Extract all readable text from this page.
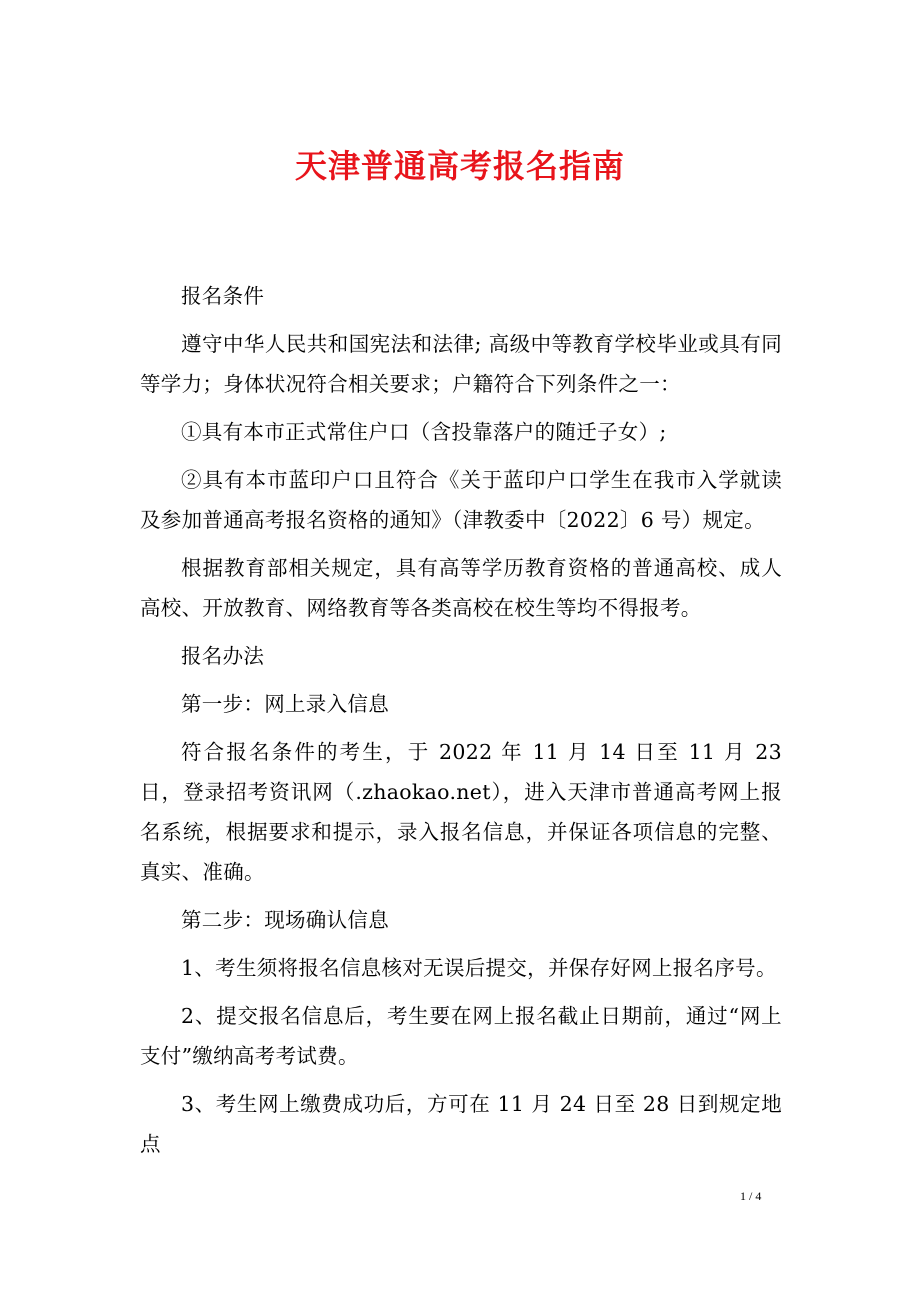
天津普通高考报名指南

报名条件

遵守中华人民共和国宪法和法律; 高级中等教育学校毕业或具有同等学力；身体状况符合相关要求；户籍符合下列条件之一：

①具有本市正式常住户口（含投靠落户的随迁子女）;

②具有本市蓝印户口且符合《关于蓝印户口学生在我市入学就读及参加普通高考报名资格的通知》（津教委中〔2022〕6 号）规定。

根据教育部相关规定，具有高等学历教育资格的普通高校、成人高校、开放教育、网络教育等各类高校在校生等均不得报考。

报名办法

第一步：网上录入信息

符合报名条件的考生，于 2022 年 11 月 14 日至 11 月 23 日，登录招考资讯网（.zhaokao.net），进入天津市普通高考网上报名系统，根据要求和提示，录入报名信息，并保证各项信息的完整、真实、准确。

第二步：现场确认信息

1、考生须将报名信息核对无误后提交，并保存好网上报名序号。

2、提交报名信息后，考生要在网上报名截止日期前，通过“网上支付”缴纳高考考试费。

3、考生网上缴费成功后，方可在 11 月 24 日至 28 日到规定地点

1 / 4
